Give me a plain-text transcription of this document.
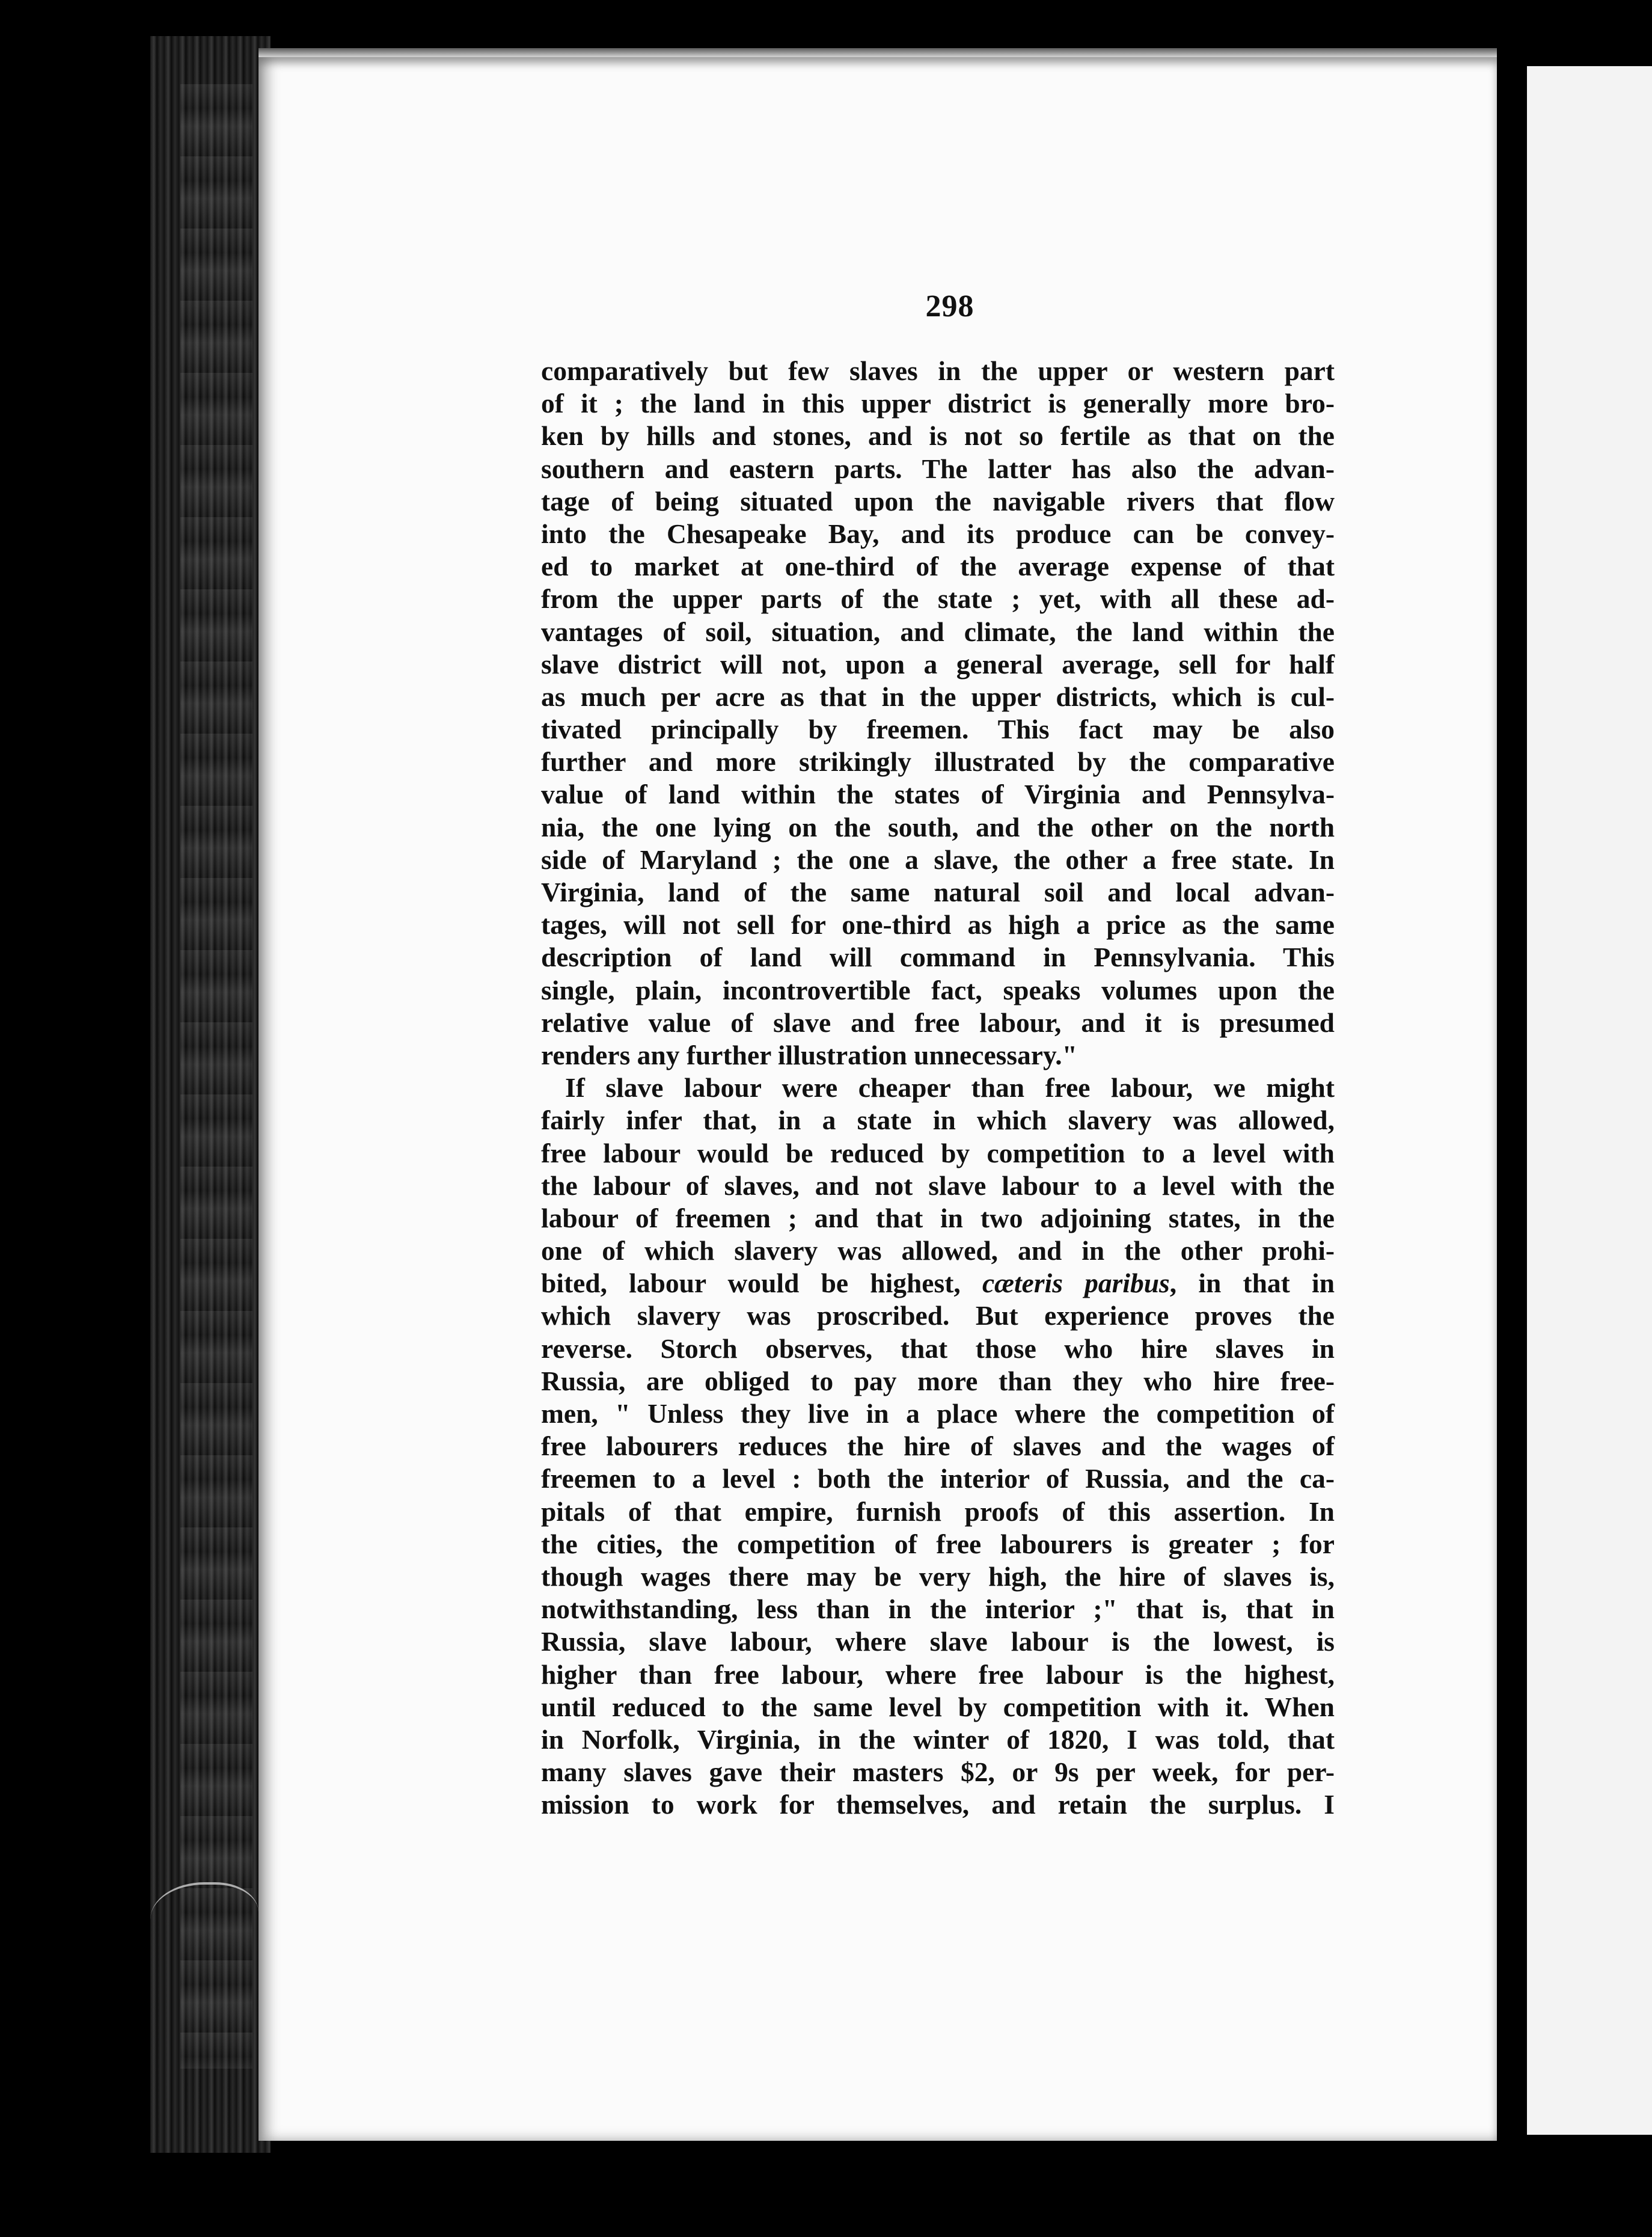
298
comparatively but few slaves in the upper or western part
of it ; the land in this upper district is generally more bro-
ken by hills and stones, and is not so fertile as that on the
southern and eastern parts. The latter has also the advan-
tage of being situated upon the navigable rivers that flow
into the Chesapeake Bay, and its produce can be convey-
ed to market at one-third of the average expense of that
from the upper parts of the state ; yet, with all these ad-
vantages of soil, situation, and climate, the land within the
slave district will not, upon a general average, sell for half
as much per acre as that in the upper districts, which is cul-
tivated principally by freemen. This fact may be also
further and more strikingly illustrated by the comparative
value of land within the states of Virginia and Pennsylva-
nia, the one lying on the south, and the other on the north
side of Maryland ; the one a slave, the other a free state. In
Virginia, land of the same natural soil and local advan-
tages, will not sell for one-third as high a price as the same
description of land will command in Pennsylvania. This
single, plain, incontrovertible fact, speaks volumes upon the
relative value of slave and free labour, and it is presumed
renders any further illustration unnecessary."
If slave labour were cheaper than free labour, we might
fairly infer that, in a state in which slavery was allowed,
free labour would be reduced by competition to a level with
the labour of slaves, and not slave labour to a level with the
labour of freemen ; and that in two adjoining states, in the
one of which slavery was allowed, and in the other prohi-
bited, labour would be highest, cæteris paribus, in that in
which slavery was proscribed. But experience proves the
reverse. Storch observes, that those who hire slaves in
Russia, are obliged to pay more than they who hire free-
men, " Unless they live in a place where the competition of
free labourers reduces the hire of slaves and the wages of
freemen to a level : both the interior of Russia, and the ca-
pitals of that empire, furnish proofs of this assertion. In
the cities, the competition of free labourers is greater ; for
though wages there may be very high, the hire of slaves is,
notwithstanding, less than in the interior ;" that is, that in
Russia, slave labour, where slave labour is the lowest, is
higher than free labour, where free labour is the highest,
until reduced to the same level by competition with it. When
in Norfolk, Virginia, in the winter of 1820, I was told, that
many slaves gave their masters $2, or 9s per week, for per-
mission to work for themselves, and retain the surplus. I
